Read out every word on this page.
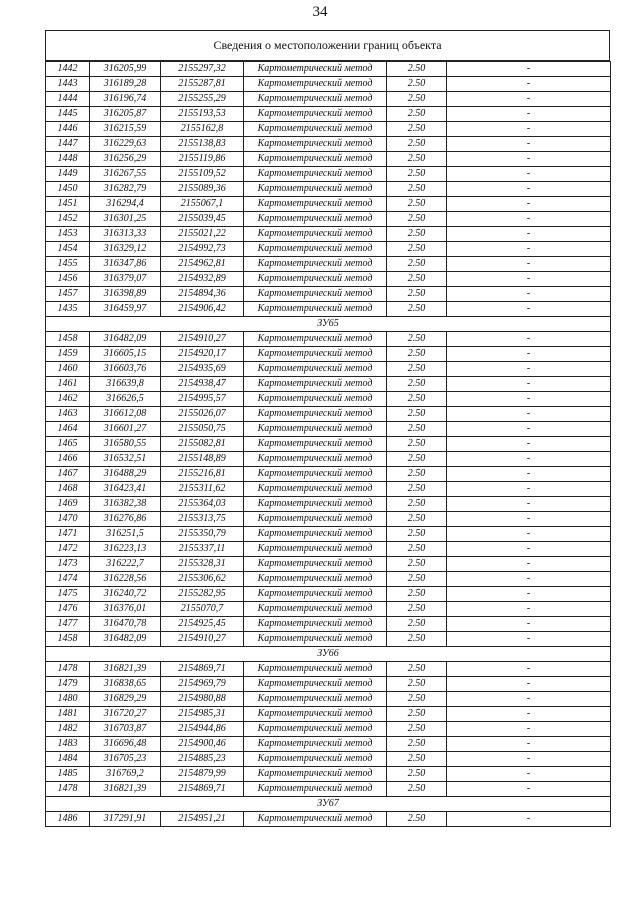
34
Сведения о местоположении границ объекта
1442	316205,99	2155297,32	Картометрический метод	2.50	-
1443	316189,28	2155287,81	Картометрический метод	2.50	-
1444	316196,74	2155255,29	Картометрический метод	2.50	-
1445	316205,87	2155193,53	Картометрический метод	2.50	-
1446	316215,59	2155162,8	Картометрический метод	2.50	-
1447	316229,63	2155138,83	Картометрический метод	2.50	-
1448	316256,29	2155119,86	Картометрический метод	2.50	-
1449	316267,55	2155109,52	Картометрический метод	2.50	-
1450	316282,79	2155089,36	Картометрический метод	2.50	-
1451	316294,4	2155067,1	Картометрический метод	2.50	-
1452	316301,25	2155039,45	Картометрический метод	2.50	-
1453	316313,33	2155021,22	Картометрический метод	2.50	-
1454	316329,12	2154992,73	Картометрический метод	2.50	-
1455	316347,86	2154962,81	Картометрический метод	2.50	-
1456	316379,07	2154932,89	Картометрический метод	2.50	-
1457	316398,89	2154894,36	Картометрический метод	2.50	-
1435	316459,97	2154906,42	Картометрический метод	2.50	-
ЗУ65					
1458	316482,09	2154910,27	Картометрический метод	2.50	-
1459	316605,15	2154920,17	Картометрический метод	2.50	-
1460	316603,76	2154935,69	Картометрический метод	2.50	-
1461	316639,8	2154938,47	Картометрический метод	2.50	-
1462	316626,5	2154995,57	Картометрический метод	2.50	-
1463	316612,08	2155026,07	Картометрический метод	2.50	-
1464	316601,27	2155050,75	Картометрический метод	2.50	-
1465	316580,55	2155082,81	Картометрический метод	2.50	-
1466	316532,51	2155148,89	Картометрический метод	2.50	-
1467	316488,29	2155216,81	Картометрический метод	2.50	-
1468	316423,41	2155311,62	Картометрический метод	2.50	-
1469	316382,38	2155364,03	Картометрический метод	2.50	-
1470	316276,86	2155313,75	Картометрический метод	2.50	-
1471	316251,5	2155350,79	Картометрический метод	2.50	-
1472	316223,13	2155337,11	Картометрический метод	2.50	-
1473	316222,7	2155328,31	Картометрический метод	2.50	-
1474	316228,56	2155306,62	Картометрический метод	2.50	-
1475	316240,72	2155282,95	Картометрический метод	2.50	-
1476	316376,01	2155070,7	Картометрический метод	2.50	-
1477	316470,78	2154925,45	Картометрический метод	2.50	-
1458	316482,09	2154910,27	Картометрический метод	2.50	-
ЗУ66					
1478	316821,39	2154869,71	Картометрический метод	2.50	-
1479	316838,65	2154969,79	Картометрический метод	2.50	-
1480	316829,29	2154980,88	Картометрический метод	2.50	-
1481	316720,27	2154985,31	Картометрический метод	2.50	-
1482	316703,87	2154944,86	Картометрический метод	2.50	-
1483	316696,48	2154900,46	Картометрический метод	2.50	-
1484	316705,23	2154885,23	Картометрический метод	2.50	-
1485	316769,2	2154879,99	Картометрический метод	2.50	-
1478	316821,39	2154869,71	Картометрический метод	2.50	-
ЗУ67					
1486	317291,91	2154951,21	Картометрический метод	2.50	-
